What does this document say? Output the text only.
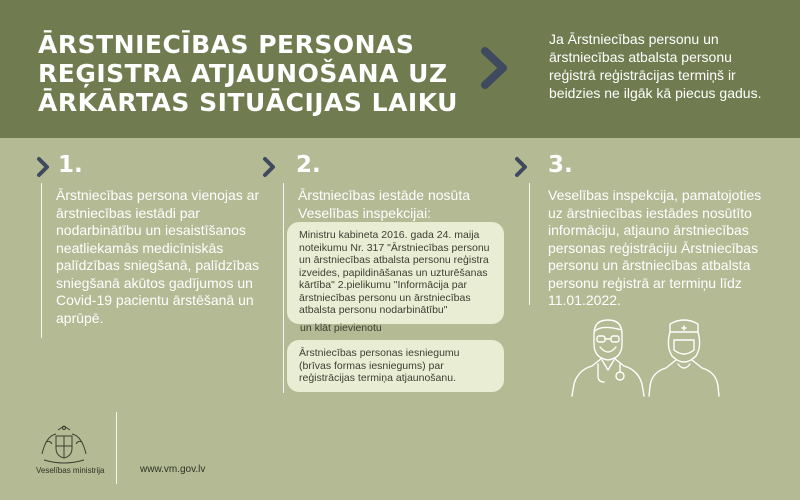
ĀRSTNIECĪBAS PERSONAS
REĢISTRA ATJAUNOŠANA UZ
ĀRKĀRTAS SITUĀCIJAS LAIKU
Ja Ārstniecības personu un ārstniecības atbalsta personu reģistrā reģistrācijas termiņš ir beidzies ne ilgāk kā piecus gadus.
1.
Ārstniecības persona vienojas ar ārstniecības iestādi par nodarbinātību un iesaistīšanos neatliekamās medicīniskās palīdzības sniegšanā, palīdzības sniegšanā akūtos gadījumos un Covid-19 pacientu ārstēšanā un aprūpē.
2.
Ārstniecības iestāde nosūta Veselības inspekcijai:
Ministru kabineta 2016. gada 24. maija noteikumu Nr. 317 "Ārstniecības personu un ārstniecības atbalsta personu reģistra izveides, papildināšanas un uzturēšanas kārtība" 2.pielikumu "Informācija par ārstniecības personu un ārstniecības atbalsta personu nodarbinātību"
un klāt pievienotu
Ārstniecības personas iesniegumu (brīvas formas iesniegums) par reģistrācijas termiņa atjaunošanu.
3.
Veselības inspekcija, pamatojoties uz ārstniecības iestādes nosūtīto informāciju, atjauno ārstniecības personas reģistrāciju Ārstniecības personu un ārstniecības atbalsta personu reģistrā ar termiņu līdz 11.01.2022.
Veselības ministrija	www.vm.gov.lv
